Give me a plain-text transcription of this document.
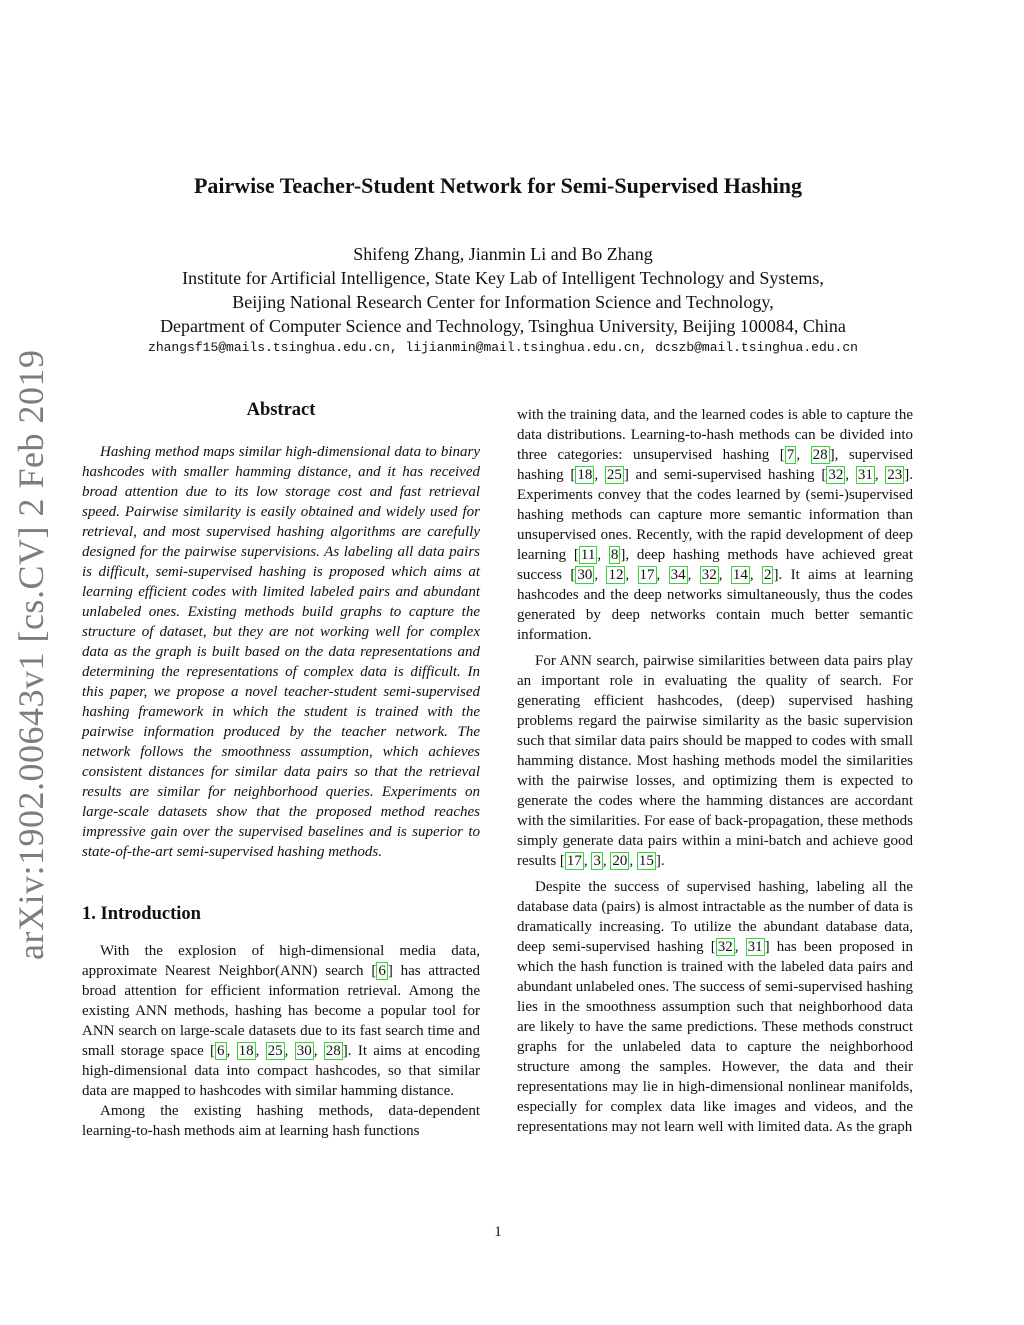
arXiv:1902.00643v1 [cs.CV] 2 Feb 2019
Pairwise Teacher-Student Network for Semi-Supervised Hashing
Shifeng Zhang, Jianmin Li and Bo Zhang
Institute for Artificial Intelligence, State Key Lab of Intelligent Technology and Systems,
Beijing National Research Center for Information Science and Technology,
Department of Computer Science and Technology, Tsinghua University, Beijing 100084, China
zhangsf15@mails.tsinghua.edu.cn, lijianmin@mail.tsinghua.edu.cn, dcszb@mail.tsinghua.edu.cn
Abstract

Hashing method maps similar high-dimensional data to binary hashcodes with smaller hamming distance, and it has received broad attention due to its low storage cost and fast retrieval speed. Pairwise similarity is easily obtained and widely used for retrieval, and most supervised hashing algorithms are carefully designed for the pairwise supervisions. As labeling all data pairs is difficult, semi-supervised hashing is proposed which aims at learning efficient codes with limited labeled pairs and abundant unlabeled ones. Existing methods build graphs to capture the structure of dataset, but they are not working well for complex data as the graph is built based on the data representations and determining the representations of complex data is difficult. In this paper, we propose a novel teacher-student semi-supervised hashing framework in which the student is trained with the pairwise information produced by the teacher network. The network follows the smoothness assumption, which achieves consistent distances for similar data pairs so that the retrieval results are similar for neighborhood queries. Experiments on large-scale datasets show that the proposed method reaches impressive gain over the supervised baselines and is superior to state-of-the-art semi-supervised hashing methods.

1. Introduction

With the explosion of high-dimensional media data, approximate Nearest Neighbor(ANN) search [ 6 ] has attracted broad attention for efficient information retrieval. Among the existing ANN methods, hashing has become a popular tool for ANN search on large-scale datasets due to its fast search time and small storage space [ 6 , 18 , 25 , 30 , 28 ]. It aims at encoding high-dimensional data into compact hashcodes, so that similar data are mapped to hashcodes with similar hamming distance.

Among the existing hashing methods, data-dependent learning-to-hash methods aim at learning hash functions

with the training data, and the learned codes is able to capture the data distributions. Learning-to-hash methods can be divided into three categories: unsupervised hashing [ 7 , 28 ], supervised hashing [ 18 , 25 ] and semi-supervised hashing [ 32 , 31 , 23 ]. Experiments convey that the codes learned by (semi-)supervised hashing methods can capture more semantic information than unsupervised ones. Recently, with the rapid development of deep learning [ 11 , 8 ], deep hashing methods have achieved great success [ 30 , 12 , 17 , 34 , 32 , 14 , 2 ]. It aims at learning hashcodes and the deep networks simultaneously, thus the codes generated by deep networks contain much better semantic information.

For ANN search, pairwise similarities between data pairs play an important role in evaluating the quality of search. For generating efficient hashcodes, (deep) supervised hashing problems regard the pairwise similarity as the basic supervision such that similar data pairs should be mapped to codes with small hamming distance. Most hashing methods model the similarities with the pairwise losses, and optimizing them is expected to generate the codes where the hamming distances are accordant with the similarities. For ease of back-propagation, these methods simply generate data pairs within a mini-batch and achieve good results [ 17 , 3 , 20 , 15 ].

Despite the success of supervised hashing, labeling all the database data (pairs) is almost intractable as the number of data is dramatically increasing. To utilize the abundant database data, deep semi-supervised hashing [ 32 , 31 ] has been proposed in which the hash function is trained with the labeled data pairs and abundant unlabeled ones. The success of semi-supervised hashing lies in the smoothness assumption such that neighborhood data are likely to have the same predictions. These methods construct graphs for the unlabeled data to capture the neighborhood structure among the samples. However, the data and their representations may lie in high-dimensional nonlinear manifolds, especially for complex data like images and videos, and the representations may not learn well with limited data. As the graph

1
